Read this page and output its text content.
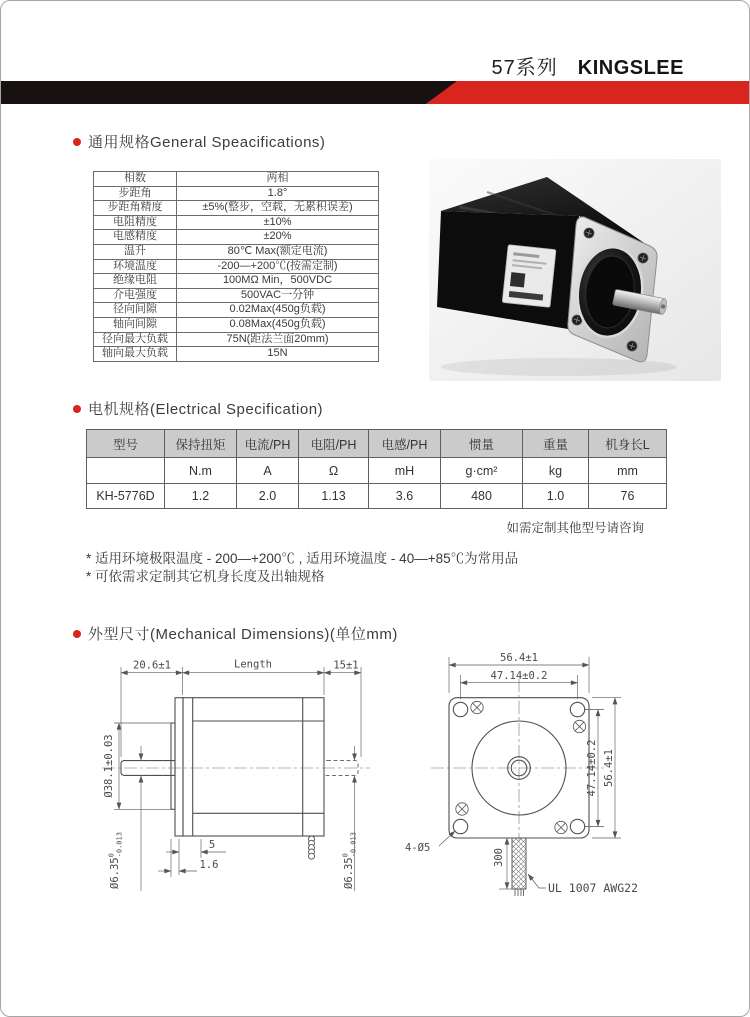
57系列 KINGSLEE
通用规格General Speacifications)
相数	两相
步距角	1.8°
步距角精度	±5%(整步，空载，无累积误差)
电阻精度	±10%
电感精度	±20%
温升	80℃ Max(额定电流)
环境温度	-200—+200℃(按需定制)
绝缘电阻	100MΩ Min，500VDC
介电强度	500VAC一分钟
径向间隙	0.02Max(450g负载)
轴向间隙	0.08Max(450g负载)
径向最大负载	75N(距法兰面20mm)
轴向最大负载	15N
电机规格(Electrical Specification)
型号	保持扭矩	电流/PH	电阻/PH	电感/PH	惯量	重量	机身长L
	N.m	A	Ω	mH	g·cm²	kg	mm
KH-5776D	1.2	2.0	1.13	3.6	480	1.0	76
如需定制其他型号请咨询
* 适用环境极限温度 - 200—+200℃ , 适用环境温度 - 40—+85℃为常用品
* 可依需求定制其它机身长度及出轴规格
外型尺寸(Mechanical Dimensions)(单位mm)
20.6±1	Length	15±1
Ø38.1±0.03
Ø6.35$^0$-0.013
Ø6.35$^0$-0.013
5
1.6
56.4±1
47.14±0.2
47.14±0.2 56.4±1
300
4-Ø5
UL 1007 AWG22
